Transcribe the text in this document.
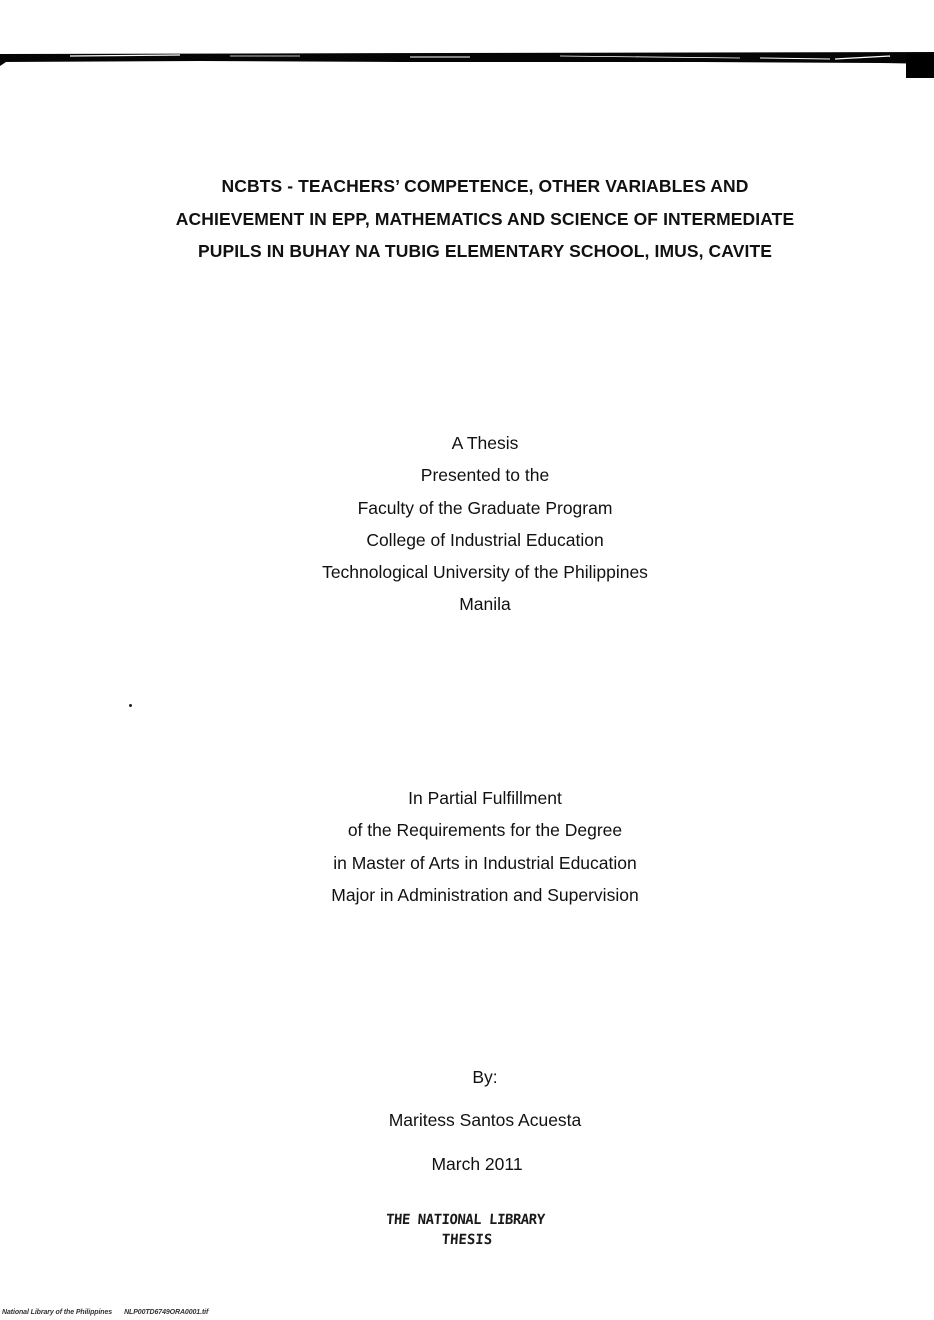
NCBTS - TEACHERS’ COMPETENCE, OTHER VARIABLES AND
ACHIEVEMENT IN EPP, MATHEMATICS AND SCIENCE OF INTERMEDIATE
PUPILS IN BUHAY NA TUBIG ELEMENTARY SCHOOL, IMUS, CAVITE
A Thesis
Presented to the
Faculty of the Graduate Program
College of Industrial Education
Technological University of the Philippines
Manila
In Partial Fulfillment
of the Requirements for the Degree
in Master of Arts in Industrial Education
Major in Administration and Supervision
By:
Maritess Santos Acuesta
March 2011
THE NATIONAL LIBRARY
THESIS
National Library of the Philippines NLP00TD6749ORA0001.tif
